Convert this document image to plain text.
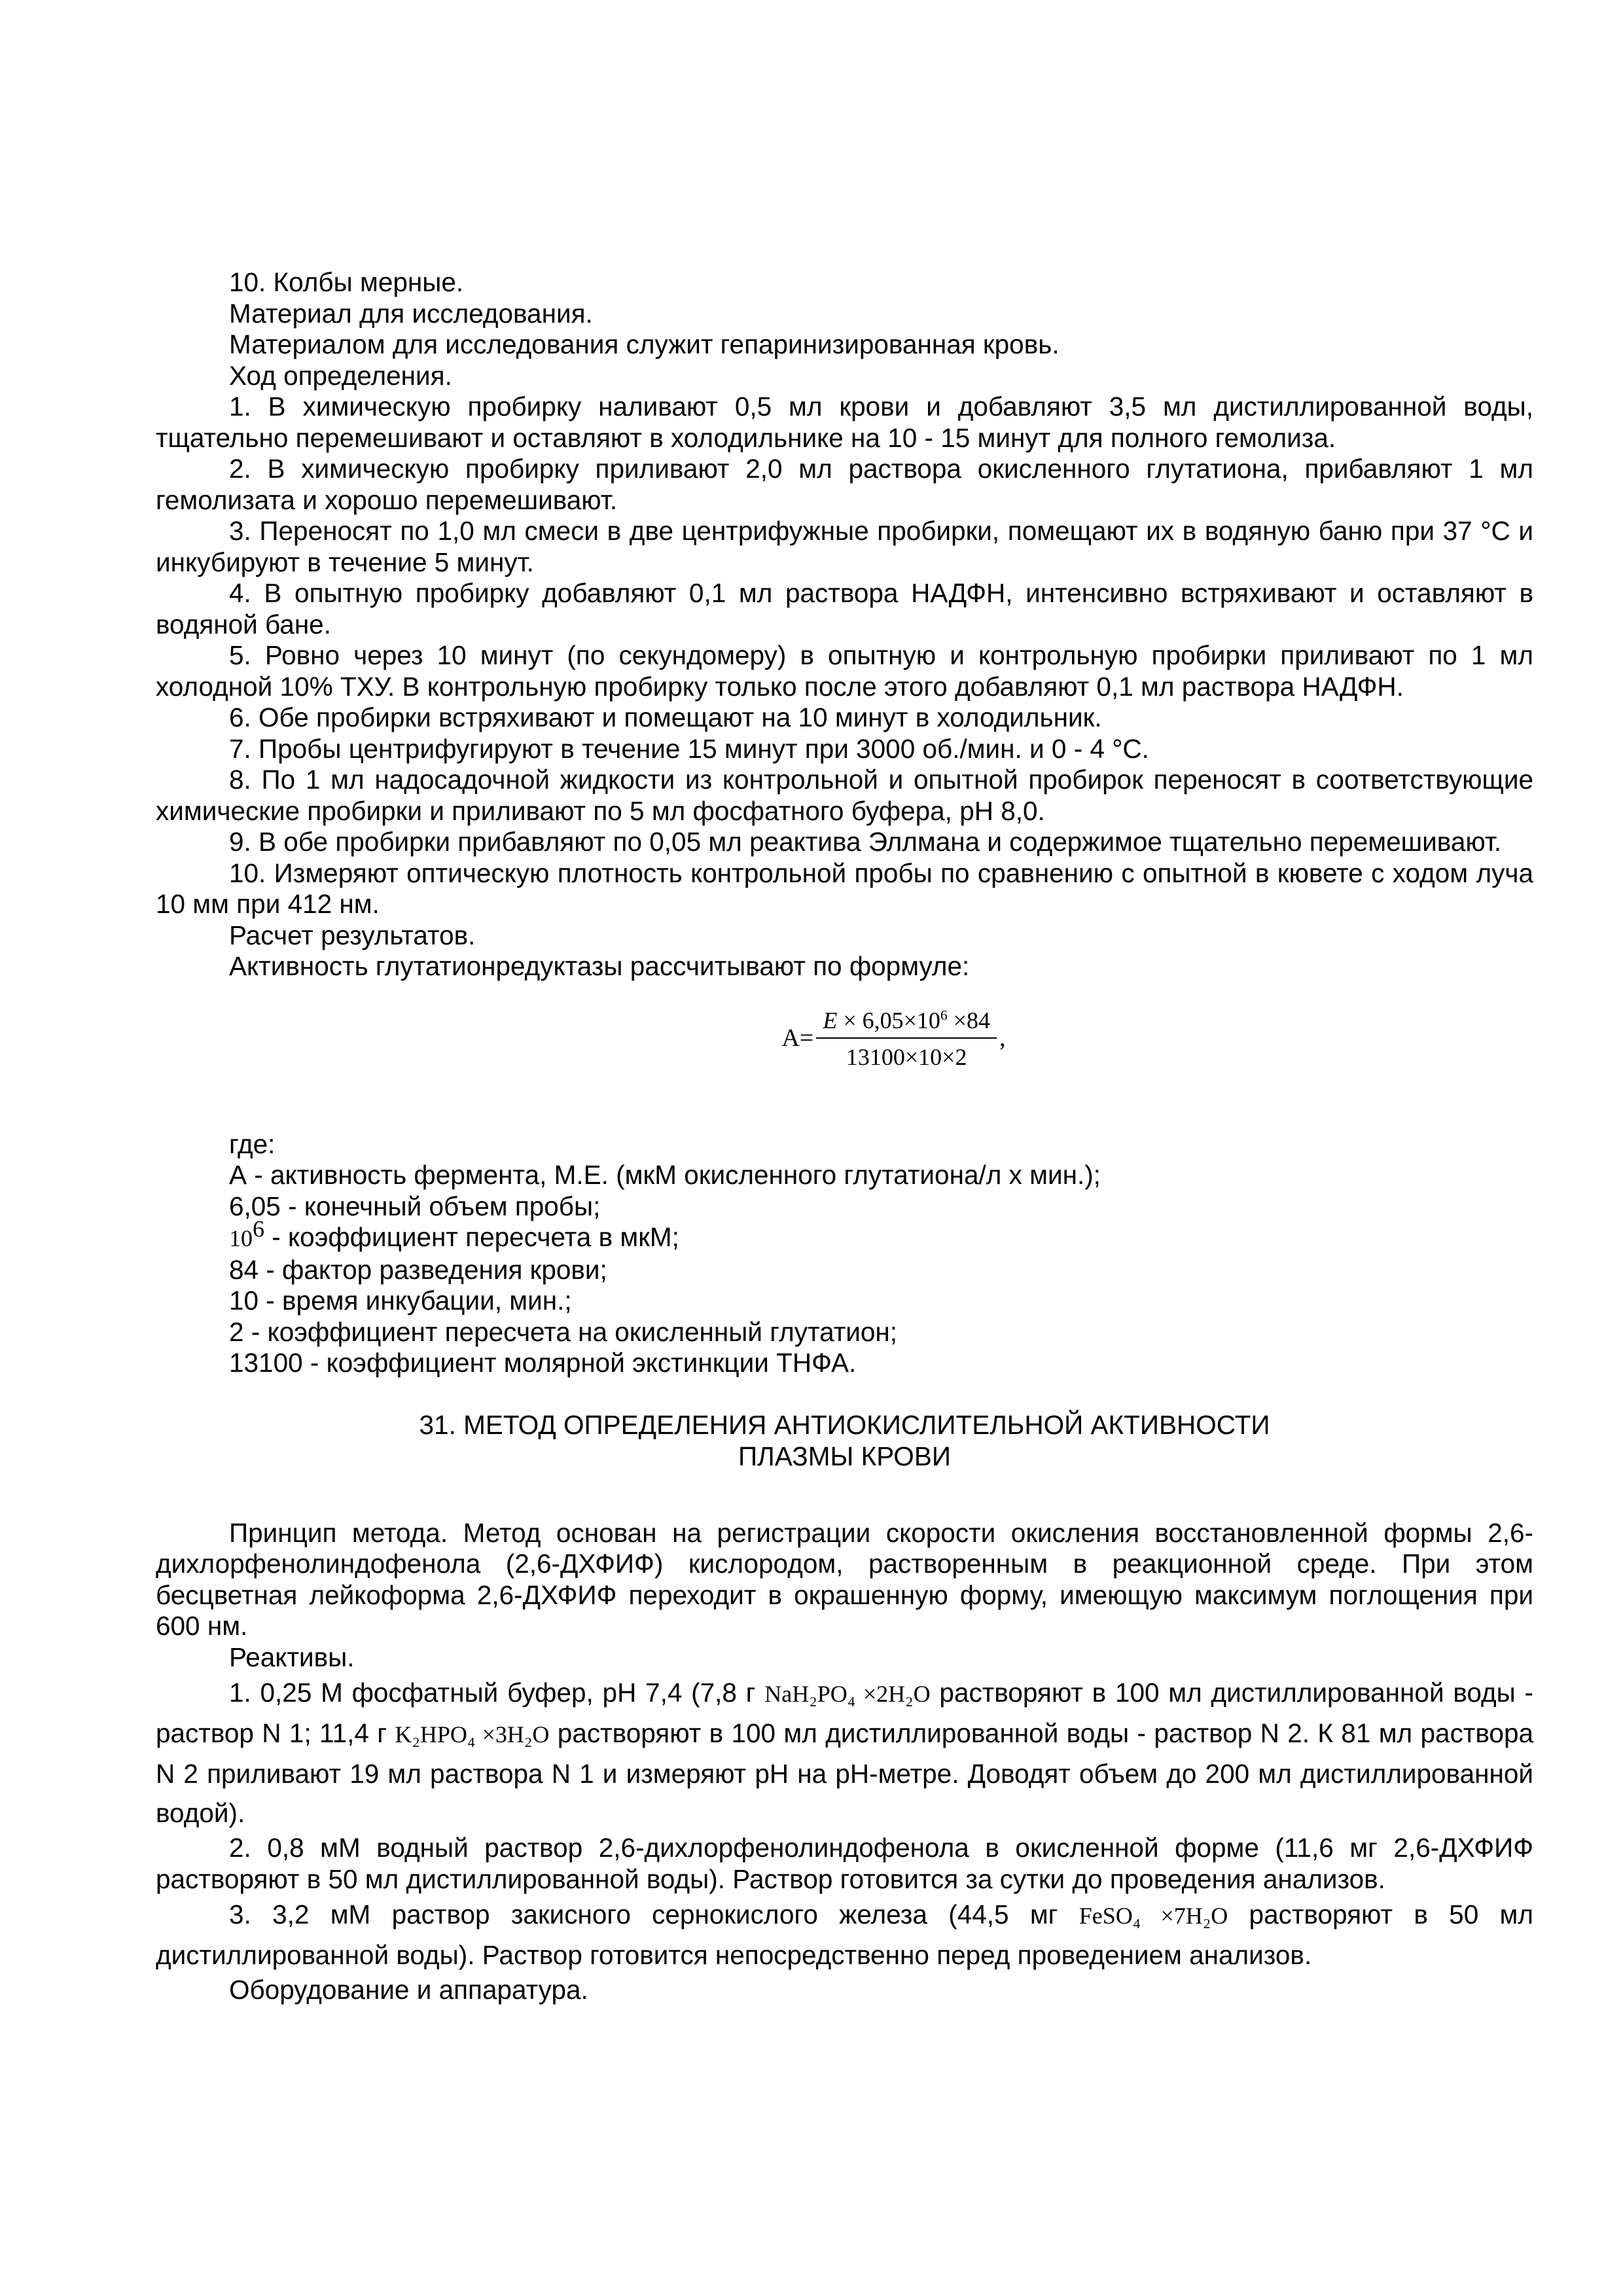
10. Колбы мерные.

Материал для исследования.

Материалом для исследования служит гепаринизированная кровь.

Ход определения.

1. В химическую пробирку наливают 0,5 мл крови и добавляют 3,5 мл дистиллированной воды, тщательно перемешивают и оставляют в холодильнике на 10 - 15 минут для полного гемолиза.

2. В химическую пробирку приливают 2,0 мл раствора окисленного глутатиона, прибавляют 1 мл гемолизата и хорошо перемешивают.

3. Переносят по 1,0 мл смеси в две центрифужные пробирки, помещают их в водяную баню при 37 °С и инкубируют в течение 5 минут.

4. В опытную пробирку добавляют 0,1 мл раствора НАДФН, интенсивно встряхивают и оставляют в водяной бане.

5. Ровно через 10 минут (по секундомеру) в опытную и контрольную пробирки приливают по 1 мл холодной 10% ТХУ. В контрольную пробирку только после этого добавляют 0,1 мл раствора НАДФН.

6. Обе пробирки встряхивают и помещают на 10 минут в холодильник.

7. Пробы центрифугируют в течение 15 минут при 3000 об./мин. и 0 - 4 °С.

8. По 1 мл надосадочной жидкости из контрольной и опытной пробирок переносят в соответствующие химические пробирки и приливают по 5 мл фосфатного буфера, рН 8,0.

9. В обе пробирки прибавляют по 0,05 мл реактива Эллмана и содержимое тщательно перемешивают.

10. Измеряют оптическую плотность контрольной пробы по сравнению с опытной в кювете с ходом луча 10 мм при 412 нм.

Расчет результатов.

Активность глутатионредуктазы рассчитывают по формуле:

$А= \frac{E \times 6,05\times 10^6 \times 84}{13100\times 10\times 2}$ ,

где:

А - активность фермента, М.Е. (мкМ окисленного глутатиона/л х мин.);

6,05 - конечный объем пробы;

$10^6$ - коэффициент пересчета в мкМ;

84 - фактор разведения крови;

10 - время инкубации, мин.;

2 - коэффициент пересчета на окисленный глутатион;

13100 - коэффициент молярной экстинкции ТНФА.

31. МЕТОД ОПРЕДЕЛЕНИЯ АНТИОКИСЛИТЕЛЬНОЙ АКТИВНОСТИ

ПЛАЗМЫ КРОВИ

Принцип метода. Метод основан на регистрации скорости окисления восстановленной формы 2,6-дихлорфенолиндофенола (2,6-ДХФИФ) кислородом, растворенным в реакционной среде. При этом бесцветная лейкоформа 2,6-ДХФИФ переходит в окрашенную форму, имеющую максимум поглощения при 600 нм.

Реактивы.

1. 0,25 М фосфатный буфер, рН 7,4 (7,8 г NaH₂PO₄ ×2H₂O растворяют в 100 мл дистиллированной воды - раствор N 1; 11,4 г K₂HPO₄ ×3H₂O растворяют в 100 мл дистиллированной воды - раствор N 2. К 81 мл раствора N 2 приливают 19 мл раствора N 1 и измеряют рН на рН-метре. Доводят объем до 200 мл дистиллированной водой).

2. 0,8 мМ водный раствор 2,6-дихлорфенолиндофенола в окисленной форме (11,6 мг 2,6-ДХФИФ растворяют в 50 мл дистиллированной воды). Раствор готовится за сутки до проведения анализов.

3. 3,2 мМ раствор закисного сернокислого железа (44,5 мг FeSO₄ ×7H₂O растворяют в 50 мл дистиллированной воды). Раствор готовится непосредственно перед проведением анализов.

Оборудование и аппаратура.
